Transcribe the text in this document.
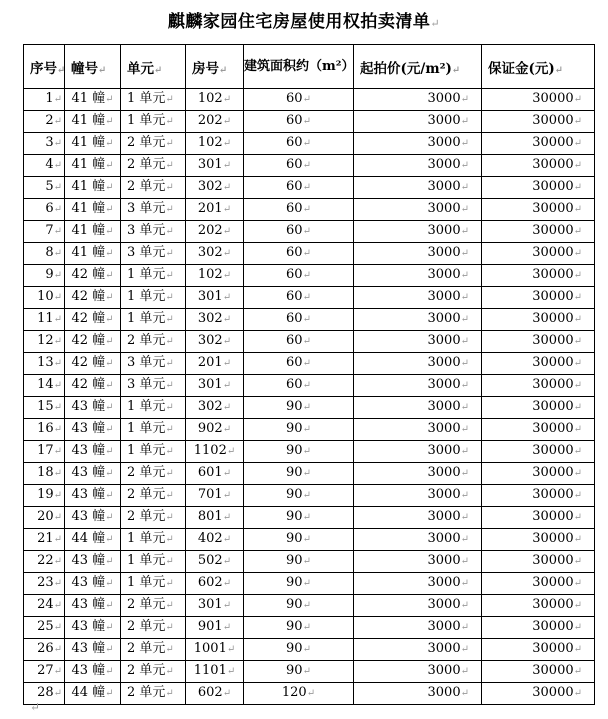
麒麟家园住宅房屋使用权拍卖清单↵
序号↵	幢号↵	单元↵	房号↵	建筑面积约（m²）	起拍价(元/m²)↵	保证金(元)↵
1↵	41 幢↵	1 单元↵	102↵	60↵	3000↵	30000↵
2↵	41 幢↵	1 单元↵	202↵	60↵	3000↵	30000↵
3↵	41 幢↵	2 单元↵	102↵	60↵	3000↵	30000↵
4↵	41 幢↵	2 单元↵	301↵	60↵	3000↵	30000↵
5↵	41 幢↵	2 单元↵	302↵	60↵	3000↵	30000↵
6↵	41 幢↵	3 单元↵	201↵	60↵	3000↵	30000↵
7↵	41 幢↵	3 单元↵	202↵	60↵	3000↵	30000↵
8↵	41 幢↵	3 单元↵	302↵	60↵	3000↵	30000↵
9↵	42 幢↵	1 单元↵	102↵	60↵	3000↵	30000↵
10↵	42 幢↵	1 单元↵	301↵	60↵	3000↵	30000↵
11↵	42 幢↵	1 单元↵	302↵	60↵	3000↵	30000↵
12↵	42 幢↵	2 单元↵	302↵	60↵	3000↵	30000↵
13↵	42 幢↵	3 单元↵	201↵	60↵	3000↵	30000↵
14↵	42 幢↵	3 单元↵	301↵	60↵	3000↵	30000↵
15↵	43 幢↵	1 单元↵	302↵	90↵	3000↵	30000↵
16↵	43 幢↵	1 单元↵	902↵	90↵	3000↵	30000↵
17↵	43 幢↵	1 单元↵	1102↵	90↵	3000↵	30000↵
18↵	43 幢↵	2 单元↵	601↵	90↵	3000↵	30000↵
19↵	43 幢↵	2 单元↵	701↵	90↵	3000↵	30000↵
20↵	43 幢↵	2 单元↵	801↵	90↵	3000↵	30000↵
21↵	44 幢↵	1 单元↵	402↵	90↵	3000↵	30000↵
22↵	43 幢↵	1 单元↵	502↵	90↵	3000↵	30000↵
23↵	43 幢↵	1 单元↵	602↵	90↵	3000↵	30000↵
24↵	43 幢↵	2 单元↵	301↵	90↵	3000↵	30000↵
25↵	43 幢↵	2 单元↵	901↵	90↵	3000↵	30000↵
26↵	43 幢↵	2 单元↵	1001↵	90↵	3000↵	30000↵
27↵	43 幢↵	2 单元↵	1101↵	90↵	3000↵	30000↵
28↵	44 幢↵	2 单元↵	602↵	120↵	3000↵	30000↵
↵
